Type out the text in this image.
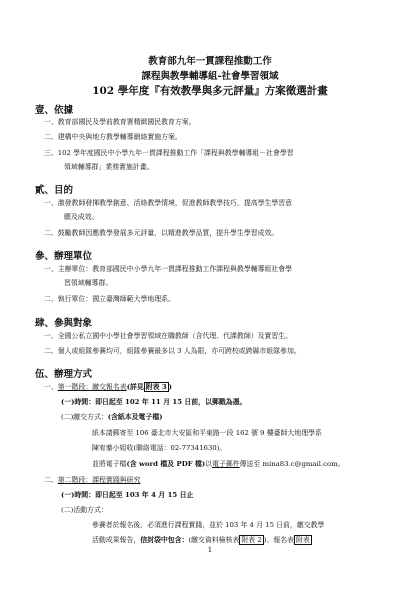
教育部九年一貫課程推動工作
課程與教學輔導組-社會學習領域
102 學年度『有效教學與多元評量』方案徵選計畫
壹、依據
一、教育部國民及學前教育署精緻國民教育方案。
二、建構中央與地方教學輔導網絡實施方案。
三、102 學年度國民中小學九年一貫課程推動工作「課程與教學輔導組－社會學習
領域輔導群」業務實施計畫。
貳、目的
一、激發教師發揮教學創意、活絡教學情境，促進教師教學技巧，提高學生學習意
願及成效。
二、鼓勵教師因應教學發展多元評量，以精進教學品質，提升學生學習成效。
參、辦理單位
一、主辦單位：教育部國民中小學九年一貫課程推動工作課程與教學輔導組社會學
習領域輔導群。
二、執行單位：國立臺灣師範大學地理系。
肆、參與對象
一、全國公私立國中小學社會學習領域在職教師（含代理、代課教師）及實習生。
二、個人或組隊參賽均可，組隊參賽最多以 3 人為限，亦可跨校或跨縣市組隊參加。
伍、辦理方式
一、第一階段：繳交報名表(詳見 附表 3 )
(一)時間：即日起至 102 年 11 月 15 日前，以郵戳為憑。
(二)繳交方式：(含紙本及電子檔)
紙本請郵寄至 106 臺北市大安區和平東路一段 162 號 9 樓臺師大地理學系
陳宥蓁小姐收(聯絡電話：02-77341630)。
並將電子檔(含 word 檔及 PDF 檔)以電子郵件傳送至 mina83.c@gmail.com。
二、第二階段：課程實踐與研究
(一)時間：即日起至 103 年 4 月 15 日止
(二)活動方式：
參賽者於報名後，必須進行課程實踐，並於 103 年 4 月 15 日前，繳交教學
活動成果報告，信封袋中包含：(繳交資料檢核表 附表 2 )、報名表 附表
1
